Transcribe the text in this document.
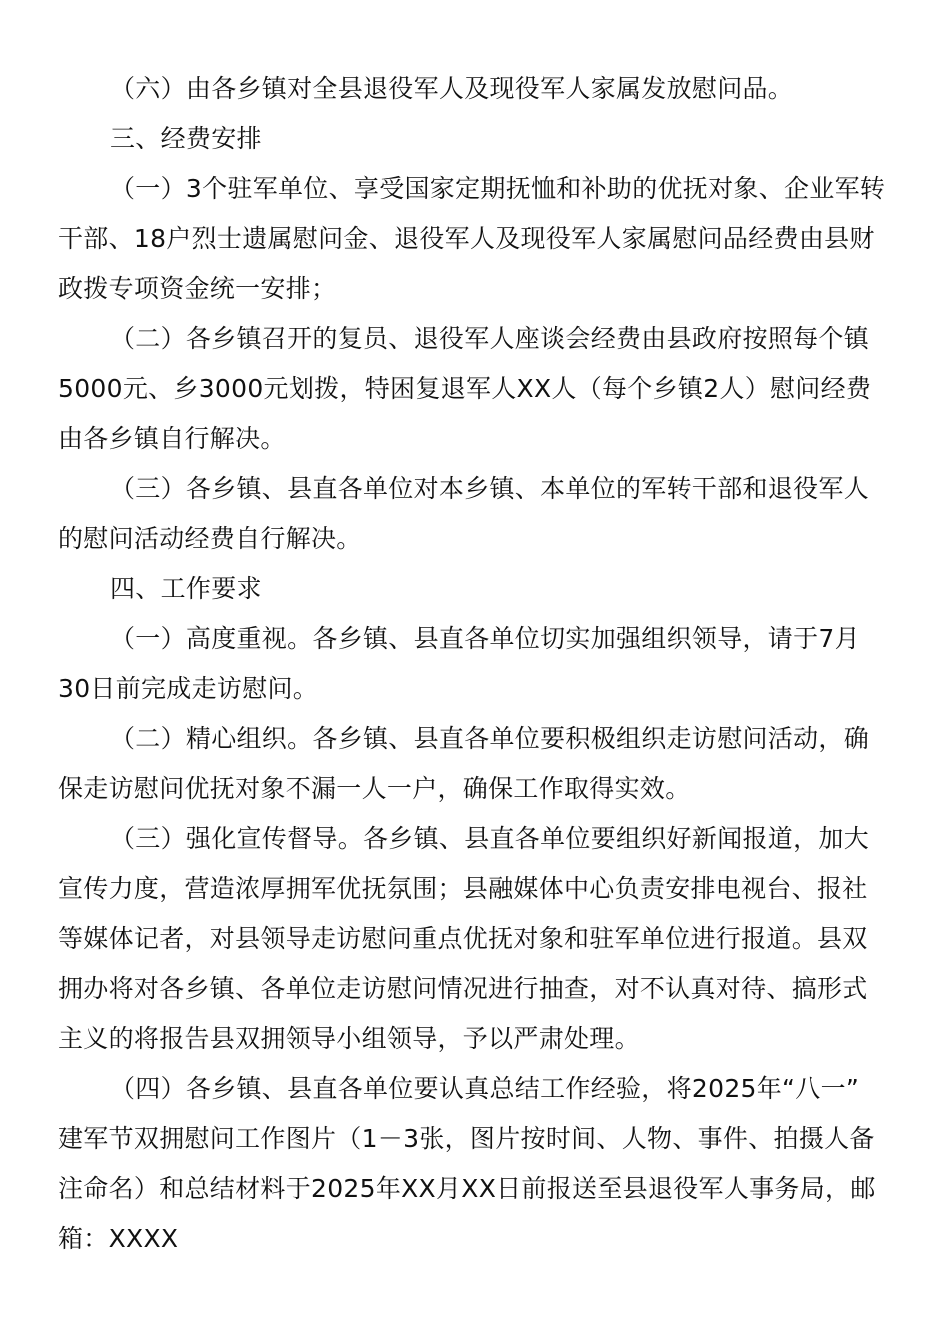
（六）由各乡镇对全县退役军人及现役军人家属发放慰问品。
三、经费安排
（一）3个驻军单位、享受国家定期抚恤和补助的优抚对象、企业军转
干部、18户烈士遗属慰问金、退役军人及现役军人家属慰问品经费由县财
政拨专项资金统一安排；
（二）各乡镇召开的复员、退役军人座谈会经费由县政府按照每个镇
5000元、乡3000元划拨，特困复退军人XX人（每个乡镇2人）慰问经费
由各乡镇自行解决。
（三）各乡镇、县直各单位对本乡镇、本单位的军转干部和退役军人
的慰问活动经费自行解决。
四、工作要求
（一）高度重视。各乡镇、县直各单位切实加强组织领导，请于7月
30日前完成走访慰问。
（二）精心组织。各乡镇、县直各单位要积极组织走访慰问活动，确
保走访慰问优抚对象不漏一人一户，确保工作取得实效。
（三）强化宣传督导。各乡镇、县直各单位要组织好新闻报道，加大
宣传力度，营造浓厚拥军优抚氛围；县融媒体中心负责安排电视台、报社
等媒体记者，对县领导走访慰问重点优抚对象和驻军单位进行报道。县双
拥办将对各乡镇、各单位走访慰问情况进行抽查，对不认真对待、搞形式
主义的将报告县双拥领导小组领导，予以严肃处理。
（四）各乡镇、县直各单位要认真总结工作经验，将2025年“八一”
建军节双拥慰问工作图片（1－3张，图片按时间、人物、事件、拍摄人备
注命名）和总结材料于2025年XX月XX日前报送至县退役军人事务局，邮
箱：XXXX
